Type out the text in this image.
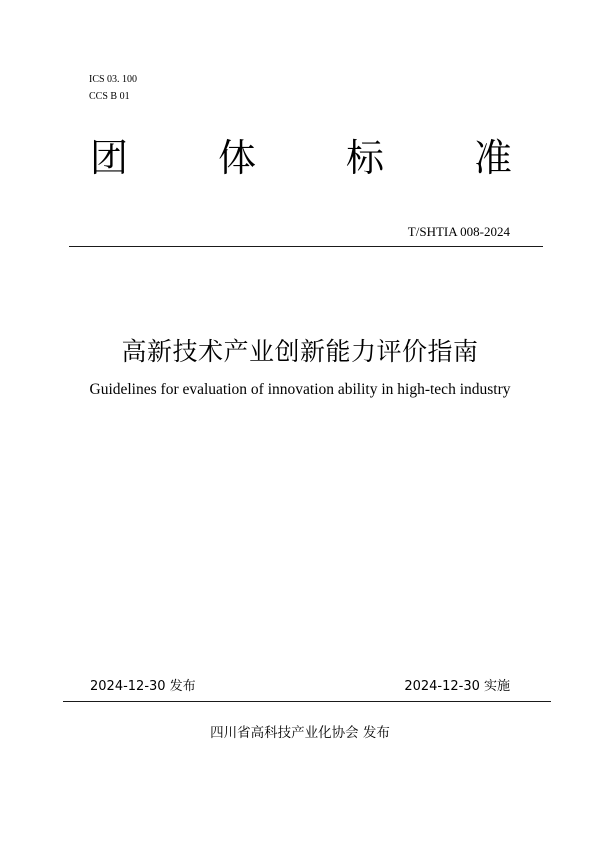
ICS 03. 100
CCS B 01
团 体 标 准
T/SHTIA 008-2024
高新技术产业创新能力评价指南
Guidelines for evaluation of innovation ability in high-tech industry
2024-12-30 发布	2024-12-30 实施
四川省高科技产业化协会 发布
